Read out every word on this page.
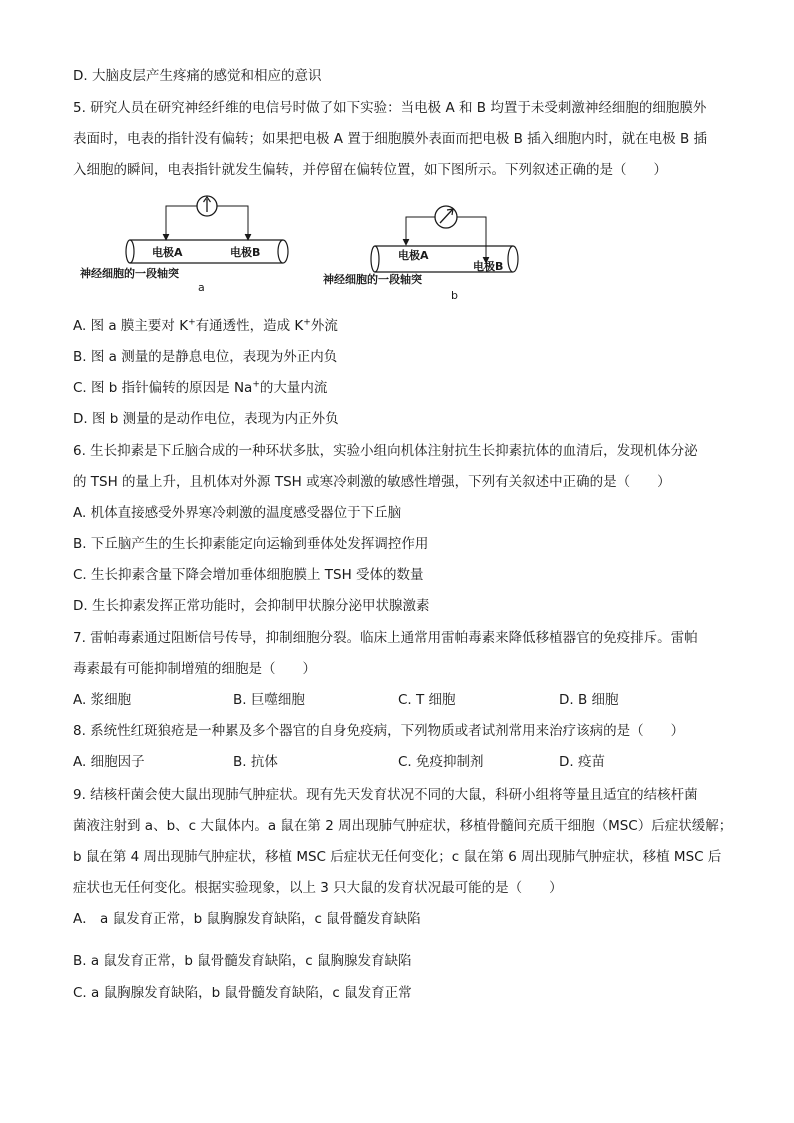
D. 大脑皮层产生疼痛的感觉和相应的意识
5. 研究人员在研究神经纤维的电信号时做了如下实验：当电极 A 和 B 均置于未受刺激神经细胞的细胞膜外
表面时，电表的指针没有偏转；如果把电极 A 置于细胞膜外表面而把电极 B 插入细胞内时，就在电极 B 插
入细胞的瞬间，电表指针就发生偏转，并停留在偏转位置，如下图所示。下列叙述正确的是（　　）
电极A	电极B
神经细胞的一段轴突
a
电极A
电极B
神经细胞的一段轴突
b
A. 图 a 膜主要对 K+有通透性，造成 K+外流
B. 图 a 测量的是静息电位，表现为外正内负
C. 图 b 指针偏转的原因是 Na+的大量内流
D. 图 b 测量的是动作电位，表现为内正外负
6. 生长抑素是下丘脑合成的一种环状多肽，实验小组向机体注射抗生长抑素抗体的血清后，发现机体分泌
的 TSH 的量上升，且机体对外源 TSH 或寒冷刺激的敏感性增强，下列有关叙述中正确的是（　　）
A. 机体直接感受外界寒冷刺激的温度感受器位于下丘脑
B. 下丘脑产生的生长抑素能定向运输到垂体处发挥调控作用
C. 生长抑素含量下降会增加垂体细胞膜上 TSH 受体的数量
D. 生长抑素发挥正常功能时，会抑制甲状腺分泌甲状腺激素
7. 雷帕毒素通过阻断信号传导，抑制细胞分裂。临床上通常用雷帕毒素来降低移植器官的免疫排斥。雷帕
毒素最有可能抑制增殖的细胞是（　　）
A. 浆细胞	B. 巨噬细胞	C. T 细胞	D. B 细胞
8. 系统性红斑狼疮是一种累及多个器官的自身免疫病，下列物质或者试剂常用来治疗该病的是（　　）
A. 细胞因子	B. 抗体	C. 免疫抑制剂	D. 疫苗
9. 结核杆菌会使大鼠出现肺气肿症状。现有先天发育状况不同的大鼠，科研小组将等量且适宜的结核杆菌
菌液注射到 a、b、c 大鼠体内。a 鼠在第 2 周出现肺气肿症状，移植骨髓间充质干细胞（MSC）后症状缓解；
b 鼠在第 4 周出现肺气肿症状，移植 MSC 后症状无任何变化；c 鼠在第 6 周出现肺气肿症状，移植 MSC 后
症状也无任何变化。根据实验现象，以上 3 只大鼠的发育状况最可能的是（　　）
A． a 鼠发育正常，b 鼠胸腺发育缺陷，c 鼠骨髓发育缺陷
B. a 鼠发育正常，b 鼠骨髓发育缺陷，c 鼠胸腺发育缺陷
C. a 鼠胸腺发育缺陷，b 鼠骨髓发育缺陷，c 鼠发育正常
